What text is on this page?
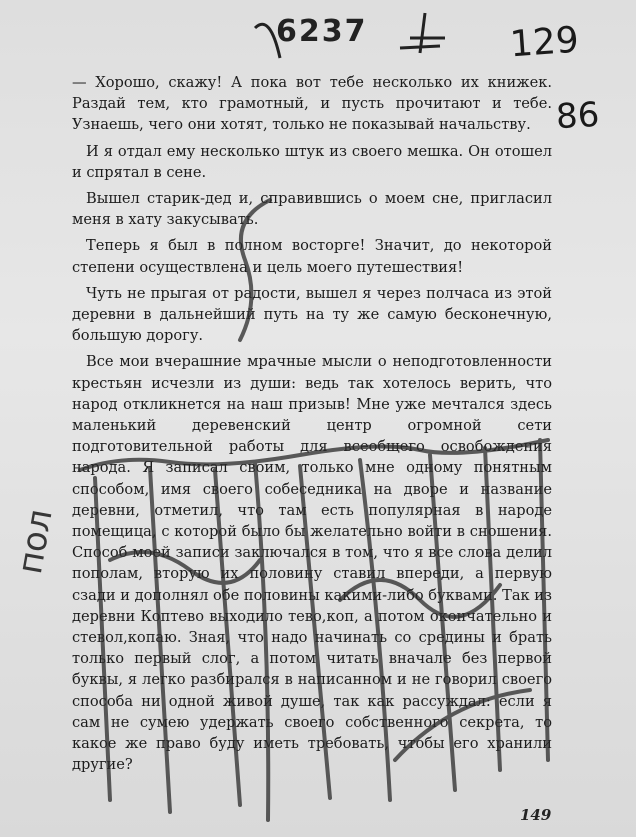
6237	129
86
пол

— Хорошо, скажу! А пока вот тебе несколько их книжек. Раздай тем, кто грамотный, и пусть прочитают и тебе. Узнаешь, чего они хотят, только не показывай начальству.

И я отдал ему несколько штук из своего мешка. Он отошел и спрятал в сене.

Вышел старик-дед и, справившись о моем сне, пригласил меня в хату закусывать.

Теперь я был в полном восторге! Значит, до некоторой степени осуществлена и цель моего путешествия!

Чуть не прыгая от радости, вышел я через полчаса из этой деревни в дальнейший путь на ту же самую бесконечную, большую дорогу.

Все мои вчерашние мрачные мысли о неподготовленности крестьян исчезли из души: ведь так хотелось верить, что народ откликнется на наш призыв! Мне уже мечтался здесь маленький деревенский центр огромной сети подготовительной работы для всеобщего освобождения народа. Я записал своим, только мне одному понятным способом, имя своего собеседника на дворе и название деревни, отметил, что там есть популярная в народе помещица, с которой было бы желательно войти в сношения. Способ моей записи заключался в том, что я все слова делил пополам, вторую их половину ставил впереди, а первую сзади и дополнял обе половины какими-либо буквами. Так из деревни Коптево выходило тево,коп, а потом окончательно и стевол,копаю. Зная, что надо начинать со средины и брать только первый слог, а потом читать вначале без первой буквы, я легко разбирался в написанном и не говорил своего способа ни одной живой душе, так как рассуждал: если я сам не сумею удержать своего собственного секрета, то какое же право буду иметь требовать, чтобы его хранили другие?

149
